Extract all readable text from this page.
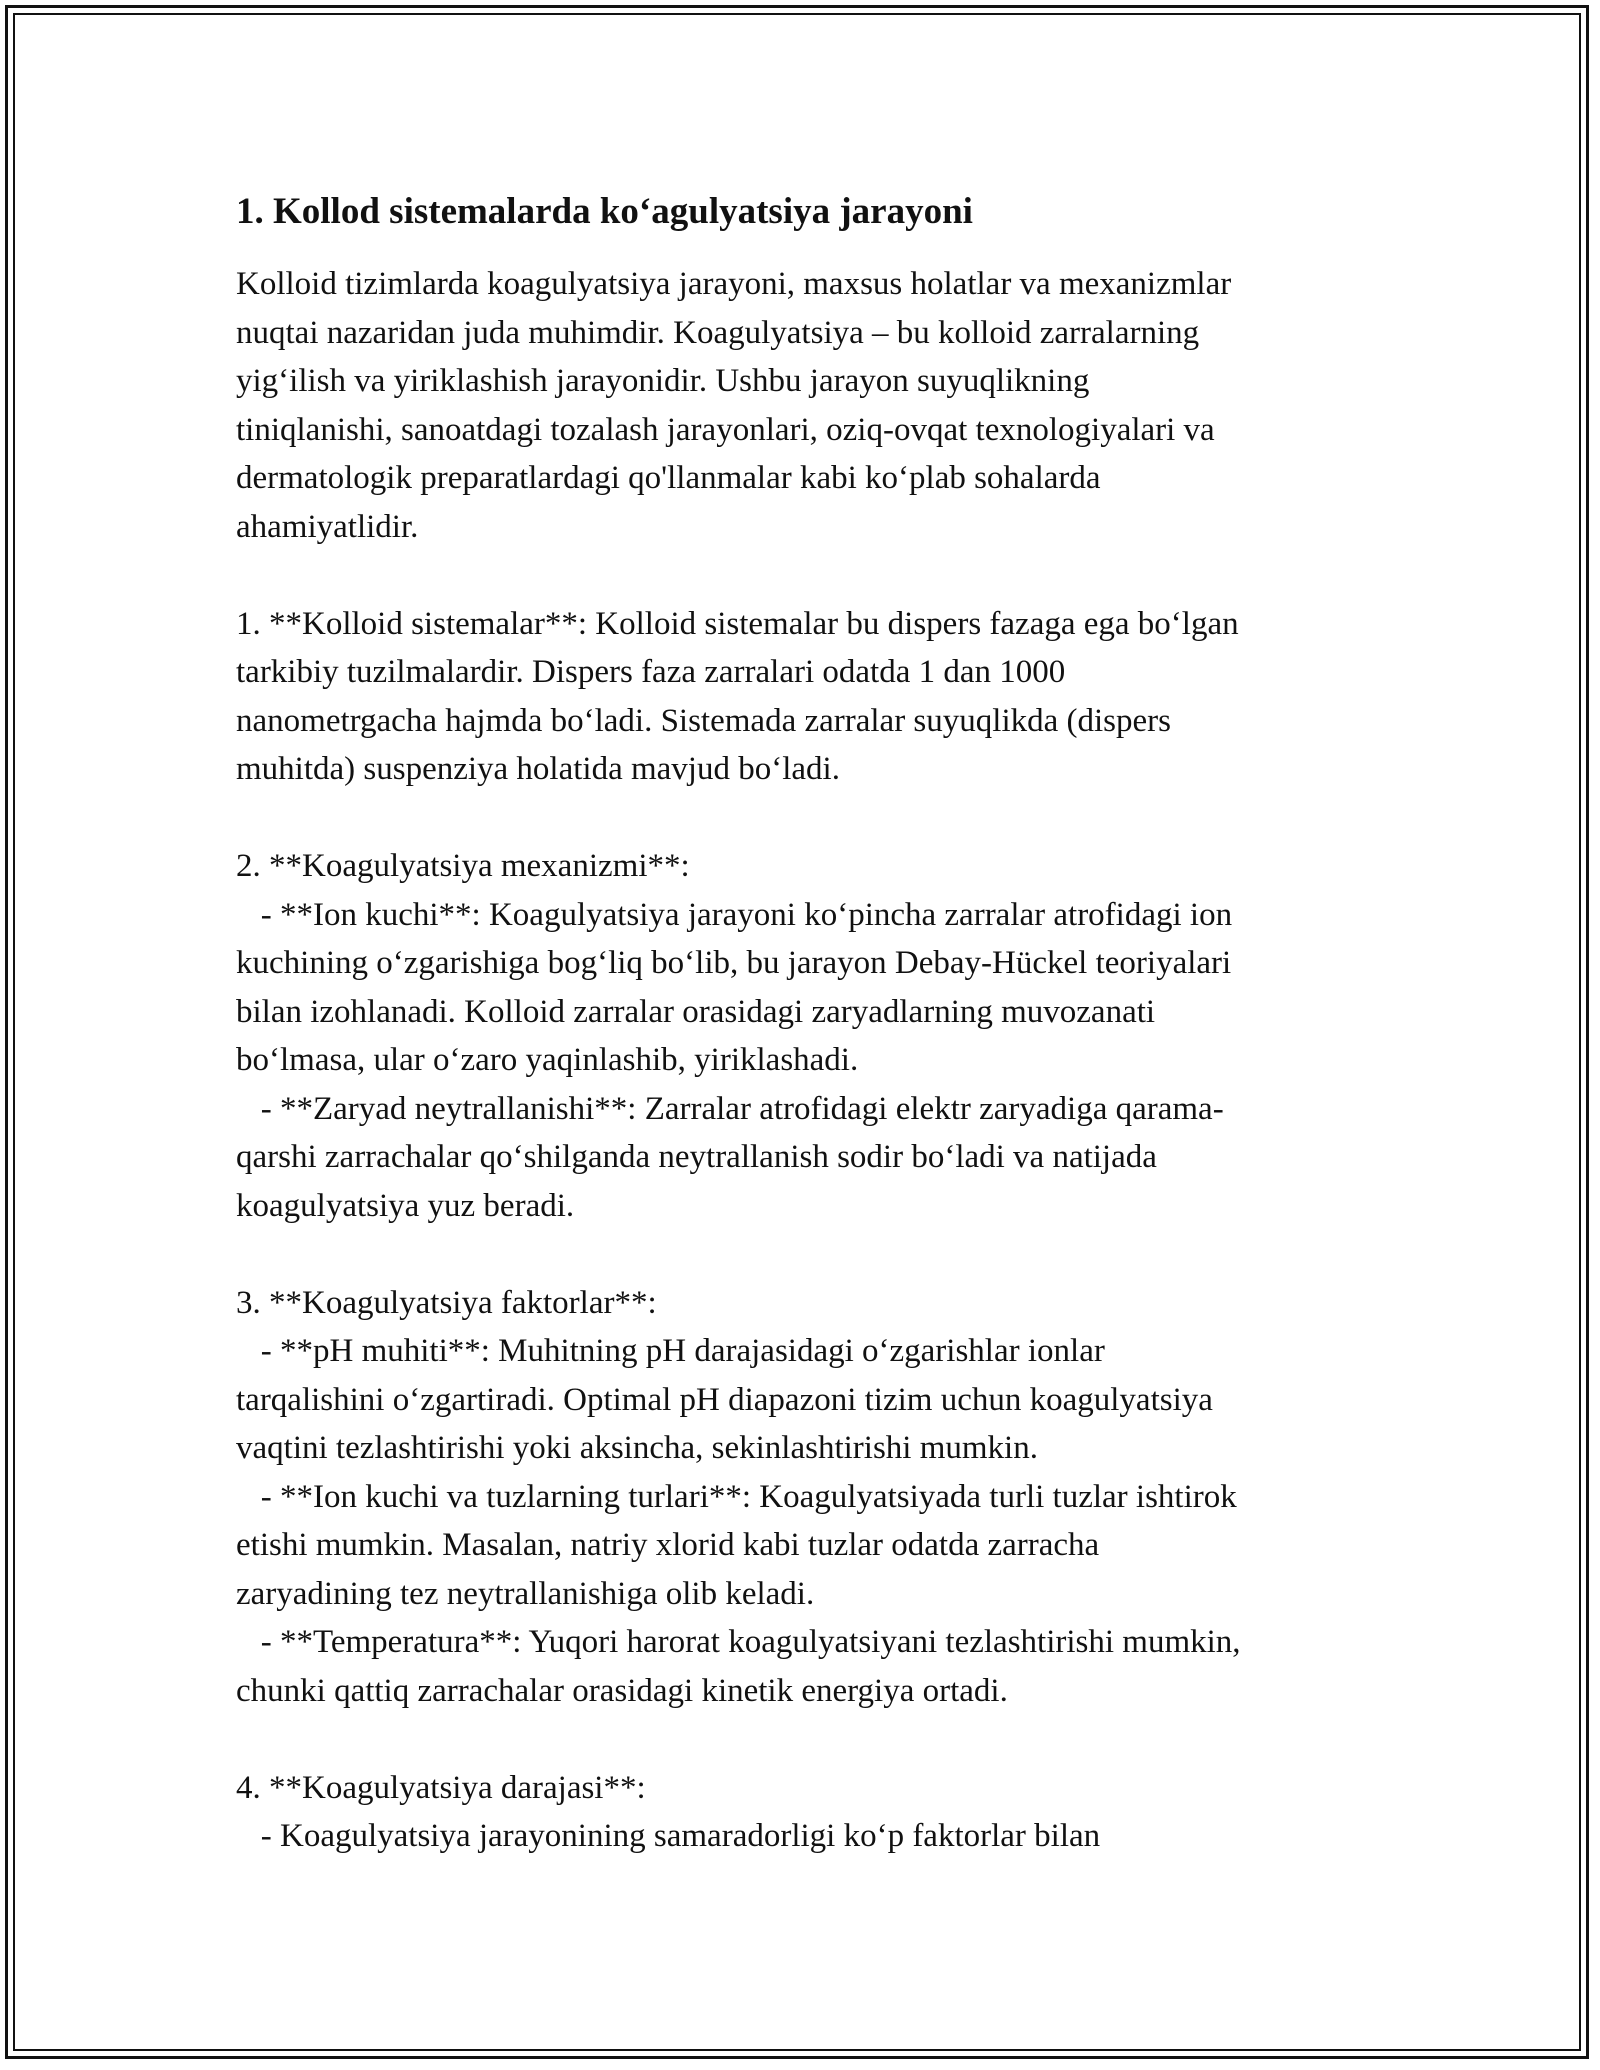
1. Kollod sistemalarda ko‘agulyatsiya jarayoni

Kolloid tizimlarda koagulyatsiya jarayoni, maxsus holatlar va mexanizmlar
nuqtai nazaridan juda muhimdir. Koagulyatsiya – bu kolloid zarralarning
yig‘ilish va yiriklashish jarayonidir. Ushbu jarayon suyuqlikning
tiniqlanishi, sanoatdagi tozalash jarayonlari, oziq-ovqat texnologiyalari va
dermatologik preparatlardagi qo'llanmalar kabi ko‘plab sohalarda
ahamiyatlidir.

1. **Kolloid sistemalar**: Kolloid sistemalar bu dispers fazaga ega bo‘lgan
tarkibiy tuzilmalardir. Dispers faza zarralari odatda 1 dan 1000
nanometrgacha hajmda bo‘ladi. Sistemada zarralar suyuqlikda (dispers
muhitda) suspenziya holatida mavjud bo‘ladi.

2. **Koagulyatsiya mexanizmi**:
- **Ion kuchi**: Koagulyatsiya jarayoni ko‘pincha zarralar atrofidagi ion
kuchining o‘zgarishiga bog‘liq bo‘lib, bu jarayon Debay-Hückel teoriyalari
bilan izohlanadi. Kolloid zarralar orasidagi zaryadlarning muvozanati
bo‘lmasa, ular o‘zaro yaqinlashib, yiriklashadi.
- **Zaryad neytrallanishi**: Zarralar atrofidagi elektr zaryadiga qarama-
qarshi zarrachalar qo‘shilganda neytrallanish sodir bo‘ladi va natijada
koagulyatsiya yuz beradi.

3. **Koagulyatsiya faktorlar**:
- **pH muhiti**: Muhitning pH darajasidagi o‘zgarishlar ionlar
tarqalishini o‘zgartiradi. Optimal pH diapazoni tizim uchun koagulyatsiya
vaqtini tezlashtirishi yoki aksincha, sekinlashtirishi mumkin.
- **Ion kuchi va tuzlarning turlari**: Koagulyatsiyada turli tuzlar ishtirok
etishi mumkin. Masalan, natriy xlorid kabi tuzlar odatda zarracha
zaryadining tez neytrallanishiga olib keladi.
- **Temperatura**: Yuqori harorat koagulyatsiyani tezlashtirishi mumkin,
chunki qattiq zarrachalar orasidagi kinetik energiya ortadi.

4. **Koagulyatsiya darajasi**:
- Koagulyatsiya jarayonining samaradorligi ko‘p faktorlar bilan
